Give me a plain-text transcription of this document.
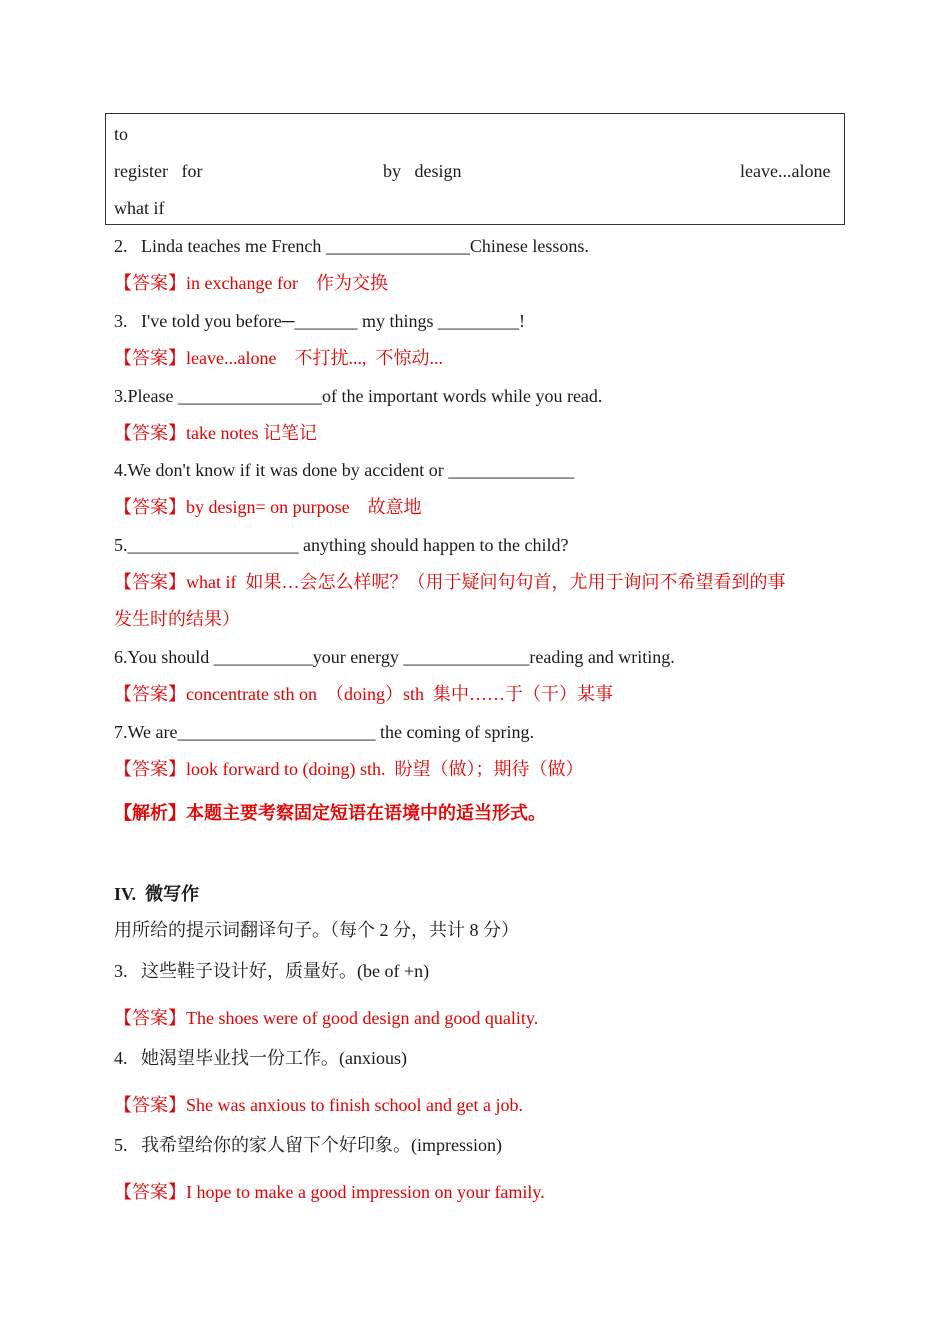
to
register   for	by   design	leave...alone
what if
2.   Linda teaches me French ________________Chinese lessons.
【答案】in exchange for    作为交换
3.   I've told you before─_______ my things _________!
【答案】leave...alone    不打扰...,  不惊动...
3.Please ________________of the important words while you read.
【答案】take notes 记笔记
4.We don't know if it was done by accident or ______________
【答案】by design= on purpose    故意地
5.___________________ anything should happen to the child?
【答案】what if  如果…会怎么样呢？（用于疑问句句首，尤用于询问不希望看到的事
发生时的结果）
6.You should ___________your energy ______________reading and writing.
【答案】concentrate sth on  （doing）sth  集中……于（干）某事
7.We are______________________ the coming of spring.
【答案】look forward to (doing) sth.  盼望（做）；期待（做）
【解析】本题主要考察固定短语在语境中的适当形式。
IV.  微写作
用所给的提示词翻译句子。（每个 2 分，共计 8 分）
3.   这些鞋子设计好，质量好。(be of +n)
【答案】The shoes were of good design and good quality.
4.   她渴望毕业找一份工作。(anxious)
【答案】She was anxious to finish school and get a job.
5.   我希望给你的家人留下个好印象。(impression)
【答案】I hope to make a good impression on your family.
